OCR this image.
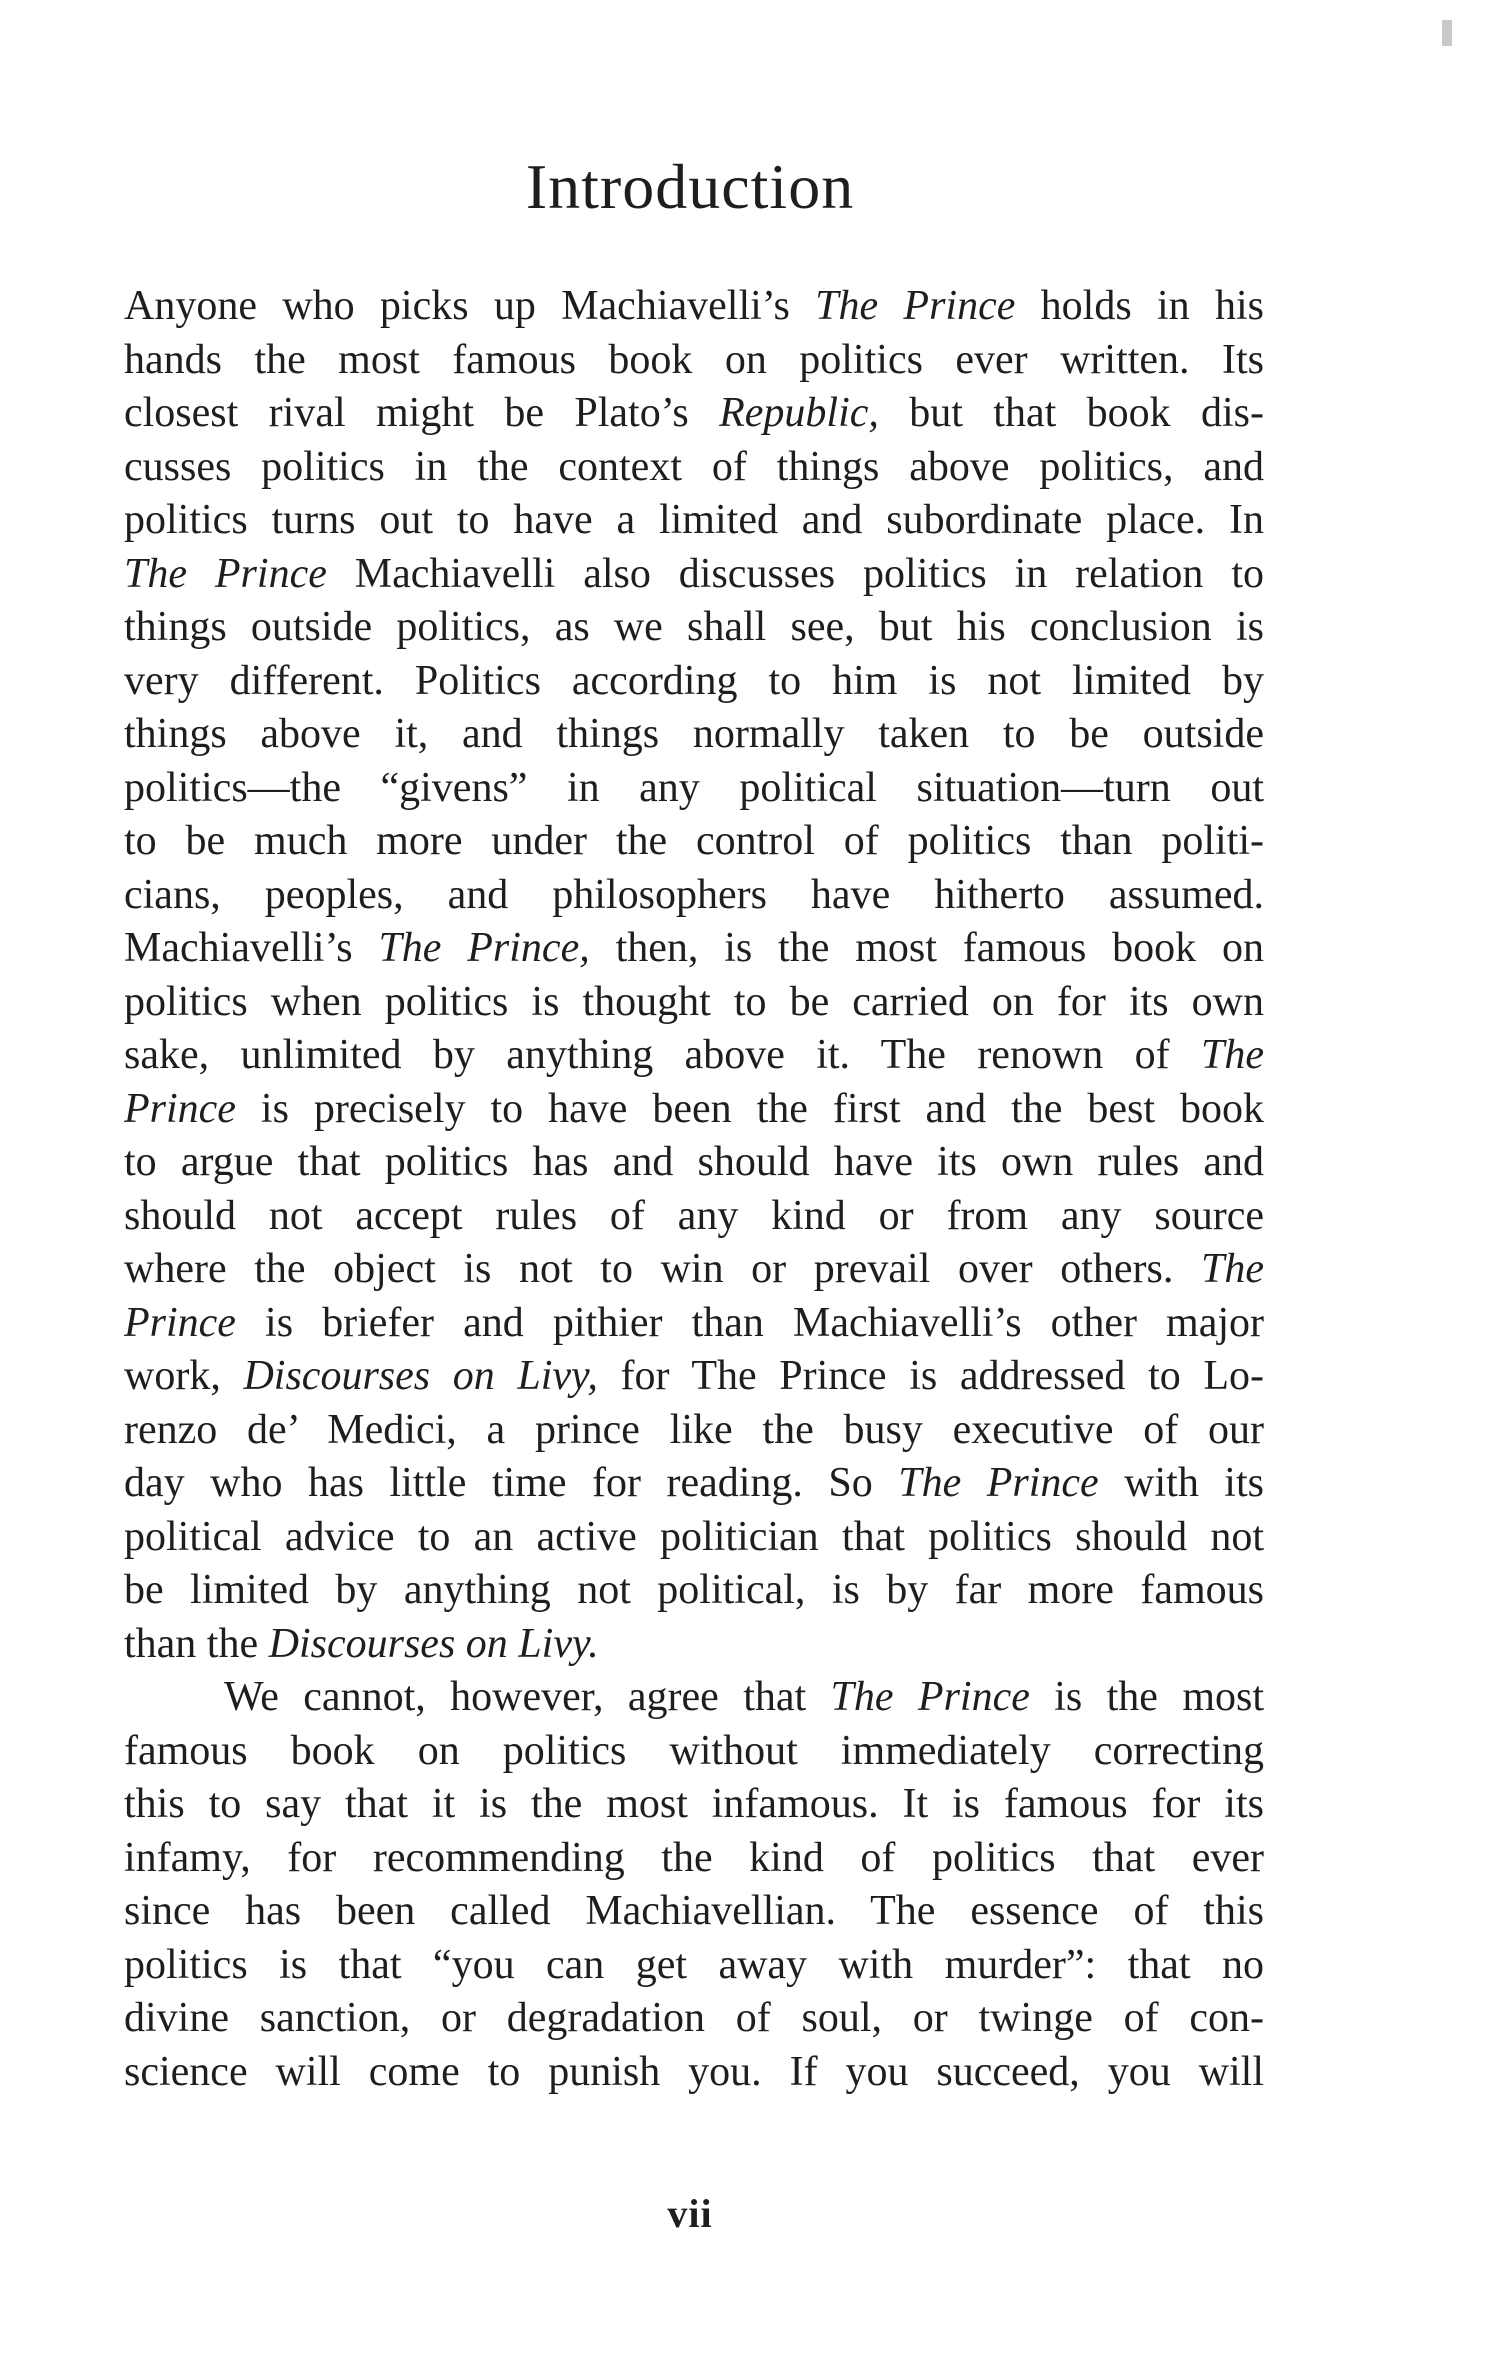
Introduction
Anyone who picks up Machiavelli’s The Prince holds in his
hands the most famous book on politics ever written. Its
closest rival might be Plato’s Republic, but that book dis-
cusses politics in the context of things above politics, and
politics turns out to have a limited and subordinate place. In
The Prince Machiavelli also discusses politics in relation to
things outside politics, as we shall see, but his conclusion is
very different. Politics according to him is not limited by
things above it, and things normally taken to be outside
politics—the “givens” in any political situation—turn out
to be much more under the control of politics than politi-
cians, peoples, and philosophers have hitherto assumed.
Machiavelli’s The Prince, then, is the most famous book on
politics when politics is thought to be carried on for its own
sake, unlimited by anything above it. The renown of The
Prince is precisely to have been the first and the best book
to argue that politics has and should have its own rules and
should not accept rules of any kind or from any source
where the object is not to win or prevail over others. The
Prince is briefer and pithier than Machiavelli’s other major
work, Discourses on Livy, for The Prince is addressed to Lo-
renzo de’ Medici, a prince like the busy executive of our
day who has little time for reading. So The Prince with its
political advice to an active politician that politics should not
be limited by anything not political, is by far more famous
than the Discourses on Livy.
We cannot, however, agree that The Prince is the most
famous book on politics without immediately correcting
this to say that it is the most infamous. It is famous for its
infamy, for recommending the kind of politics that ever
since has been called Machiavellian. The essence of this
politics is that “you can get away with murder”: that no
divine sanction, or degradation of soul, or twinge of con-
science will come to punish you. If you succeed, you will
vii
